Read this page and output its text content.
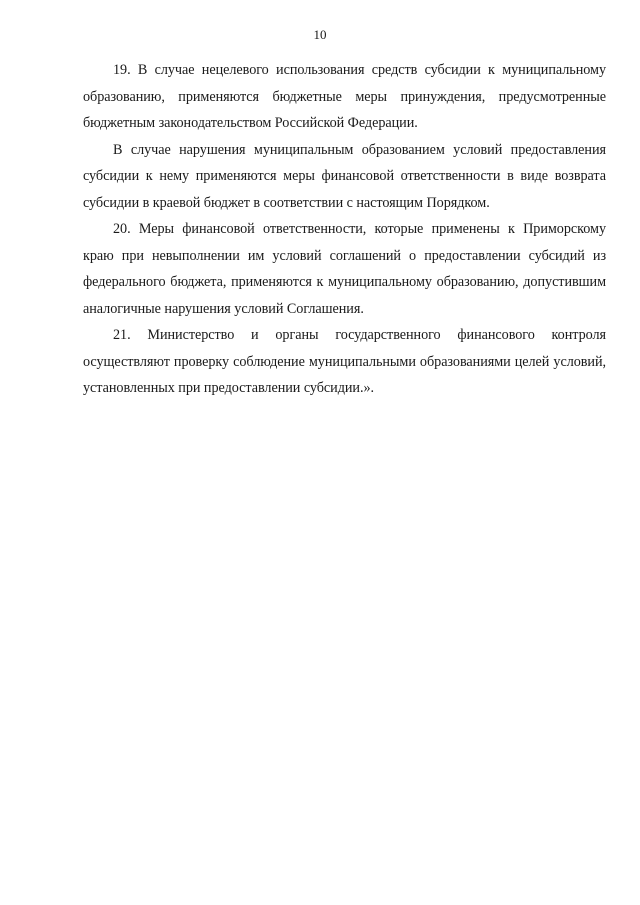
10

19. В случае нецелевого использования средств субсидии к муниципальному образованию, применяются бюджетные меры принуждения, предусмотренные бюджетным законодательством Российской Федерации.

В случае нарушения муниципальным образованием условий предоставления субсидии к нему применяются меры финансовой ответственности в виде возврата субсидии в краевой бюджет в соответствии с настоящим Порядком.

20. Меры финансовой ответственности, которые применены к Приморскому краю при невыполнении им условий соглашений о предоставлении субсидий из федерального бюджета, применяются к муниципальному образованию, допустившим аналогичные нарушения условий Соглашения.

21. Министерство и органы государственного финансового контроля осуществляют проверку соблюдение муниципальными образованиями целей условий, установленных при предоставлении субсидии.».
